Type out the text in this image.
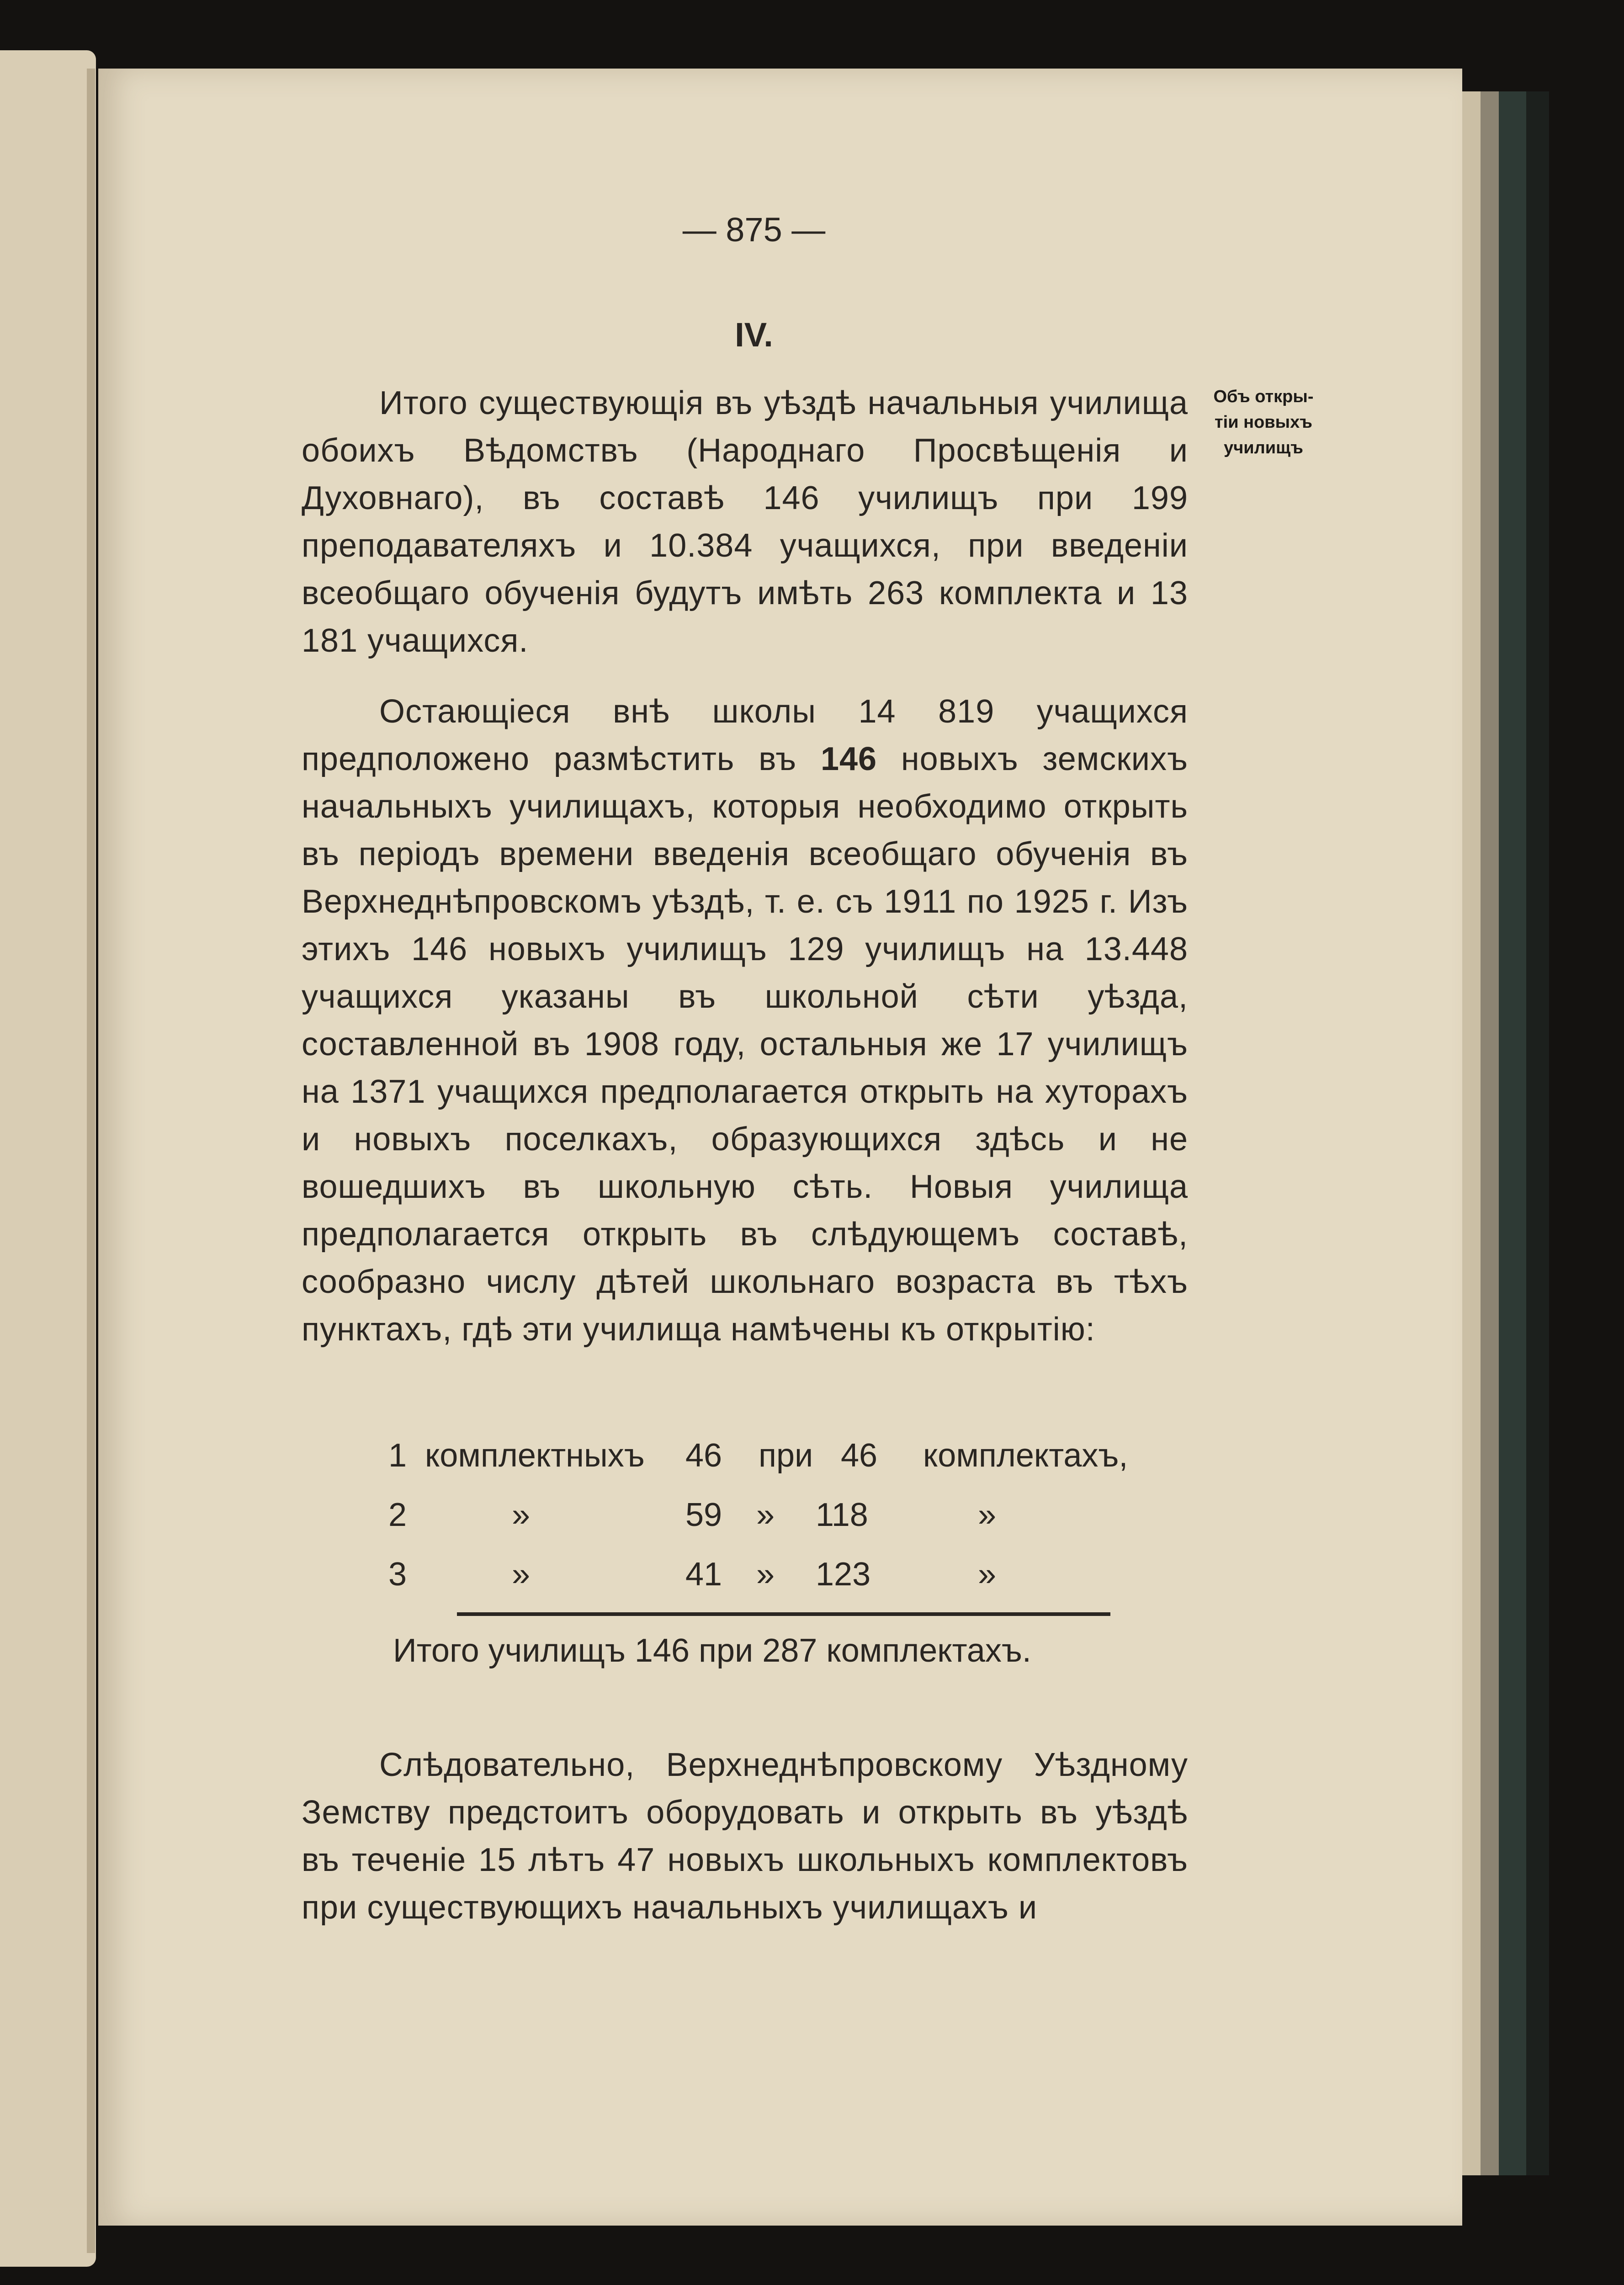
— 875 —
IV.
Объ откры-
тіи новыхъ
училищъ

Итого существующія въ уѣздѣ начальныя училища обоихъ Вѣдомствъ (Народнаго Просвѣщенія и Духовнаго), въ составѣ 146 училищъ при 199 преподавателяхъ и 10.384 учащихся, при введеніи всеобщаго обученія будутъ имѣть 263 комплекта и 13 181 учащихся.

Остающіеся внѣ школы 14 819 учащихся предположено размѣстить въ 146 новыхъ земскихъ начальныхъ училищахъ, которыя необходимо открыть въ періодъ времени введенія всеобщаго обученія въ Верхнеднѣпровскомъ уѣздѣ, т. е. съ 1911 по 1925 г. Изъ этихъ 146 новыхъ училищъ 129 училищъ на 13.448 учащихся указаны въ школьной сѣти уѣзда, составленной въ 1908 году, остальныя же 17 училищъ на 1371 учащихся предполагается открыть на хуторахъ и новыхъ поселкахъ, образующихся здѣсь и не вошедшихъ въ школьную сѣть. Новыя училища предполагается открыть въ слѣдующемъ составѣ, сообразно числу дѣтей школьнаго возраста въ тѣхъ пунктахъ, гдѣ эти училища намѣчены къ открытію:

1 комплектныхъ 46 при 46 комплектахъ,
2	»	59 » 118	»
3	»	41 » 123	»
Итого училищъ 146 при 287 комплектахъ.

Слѣдовательно, Верхнеднѣпровскому Уѣздному Земству предстоитъ оборудовать и открыть въ уѣздѣ въ теченіе 15 лѣтъ 47 новыхъ школьныхъ комплектовъ при существующихъ начальныхъ училищахъ и
